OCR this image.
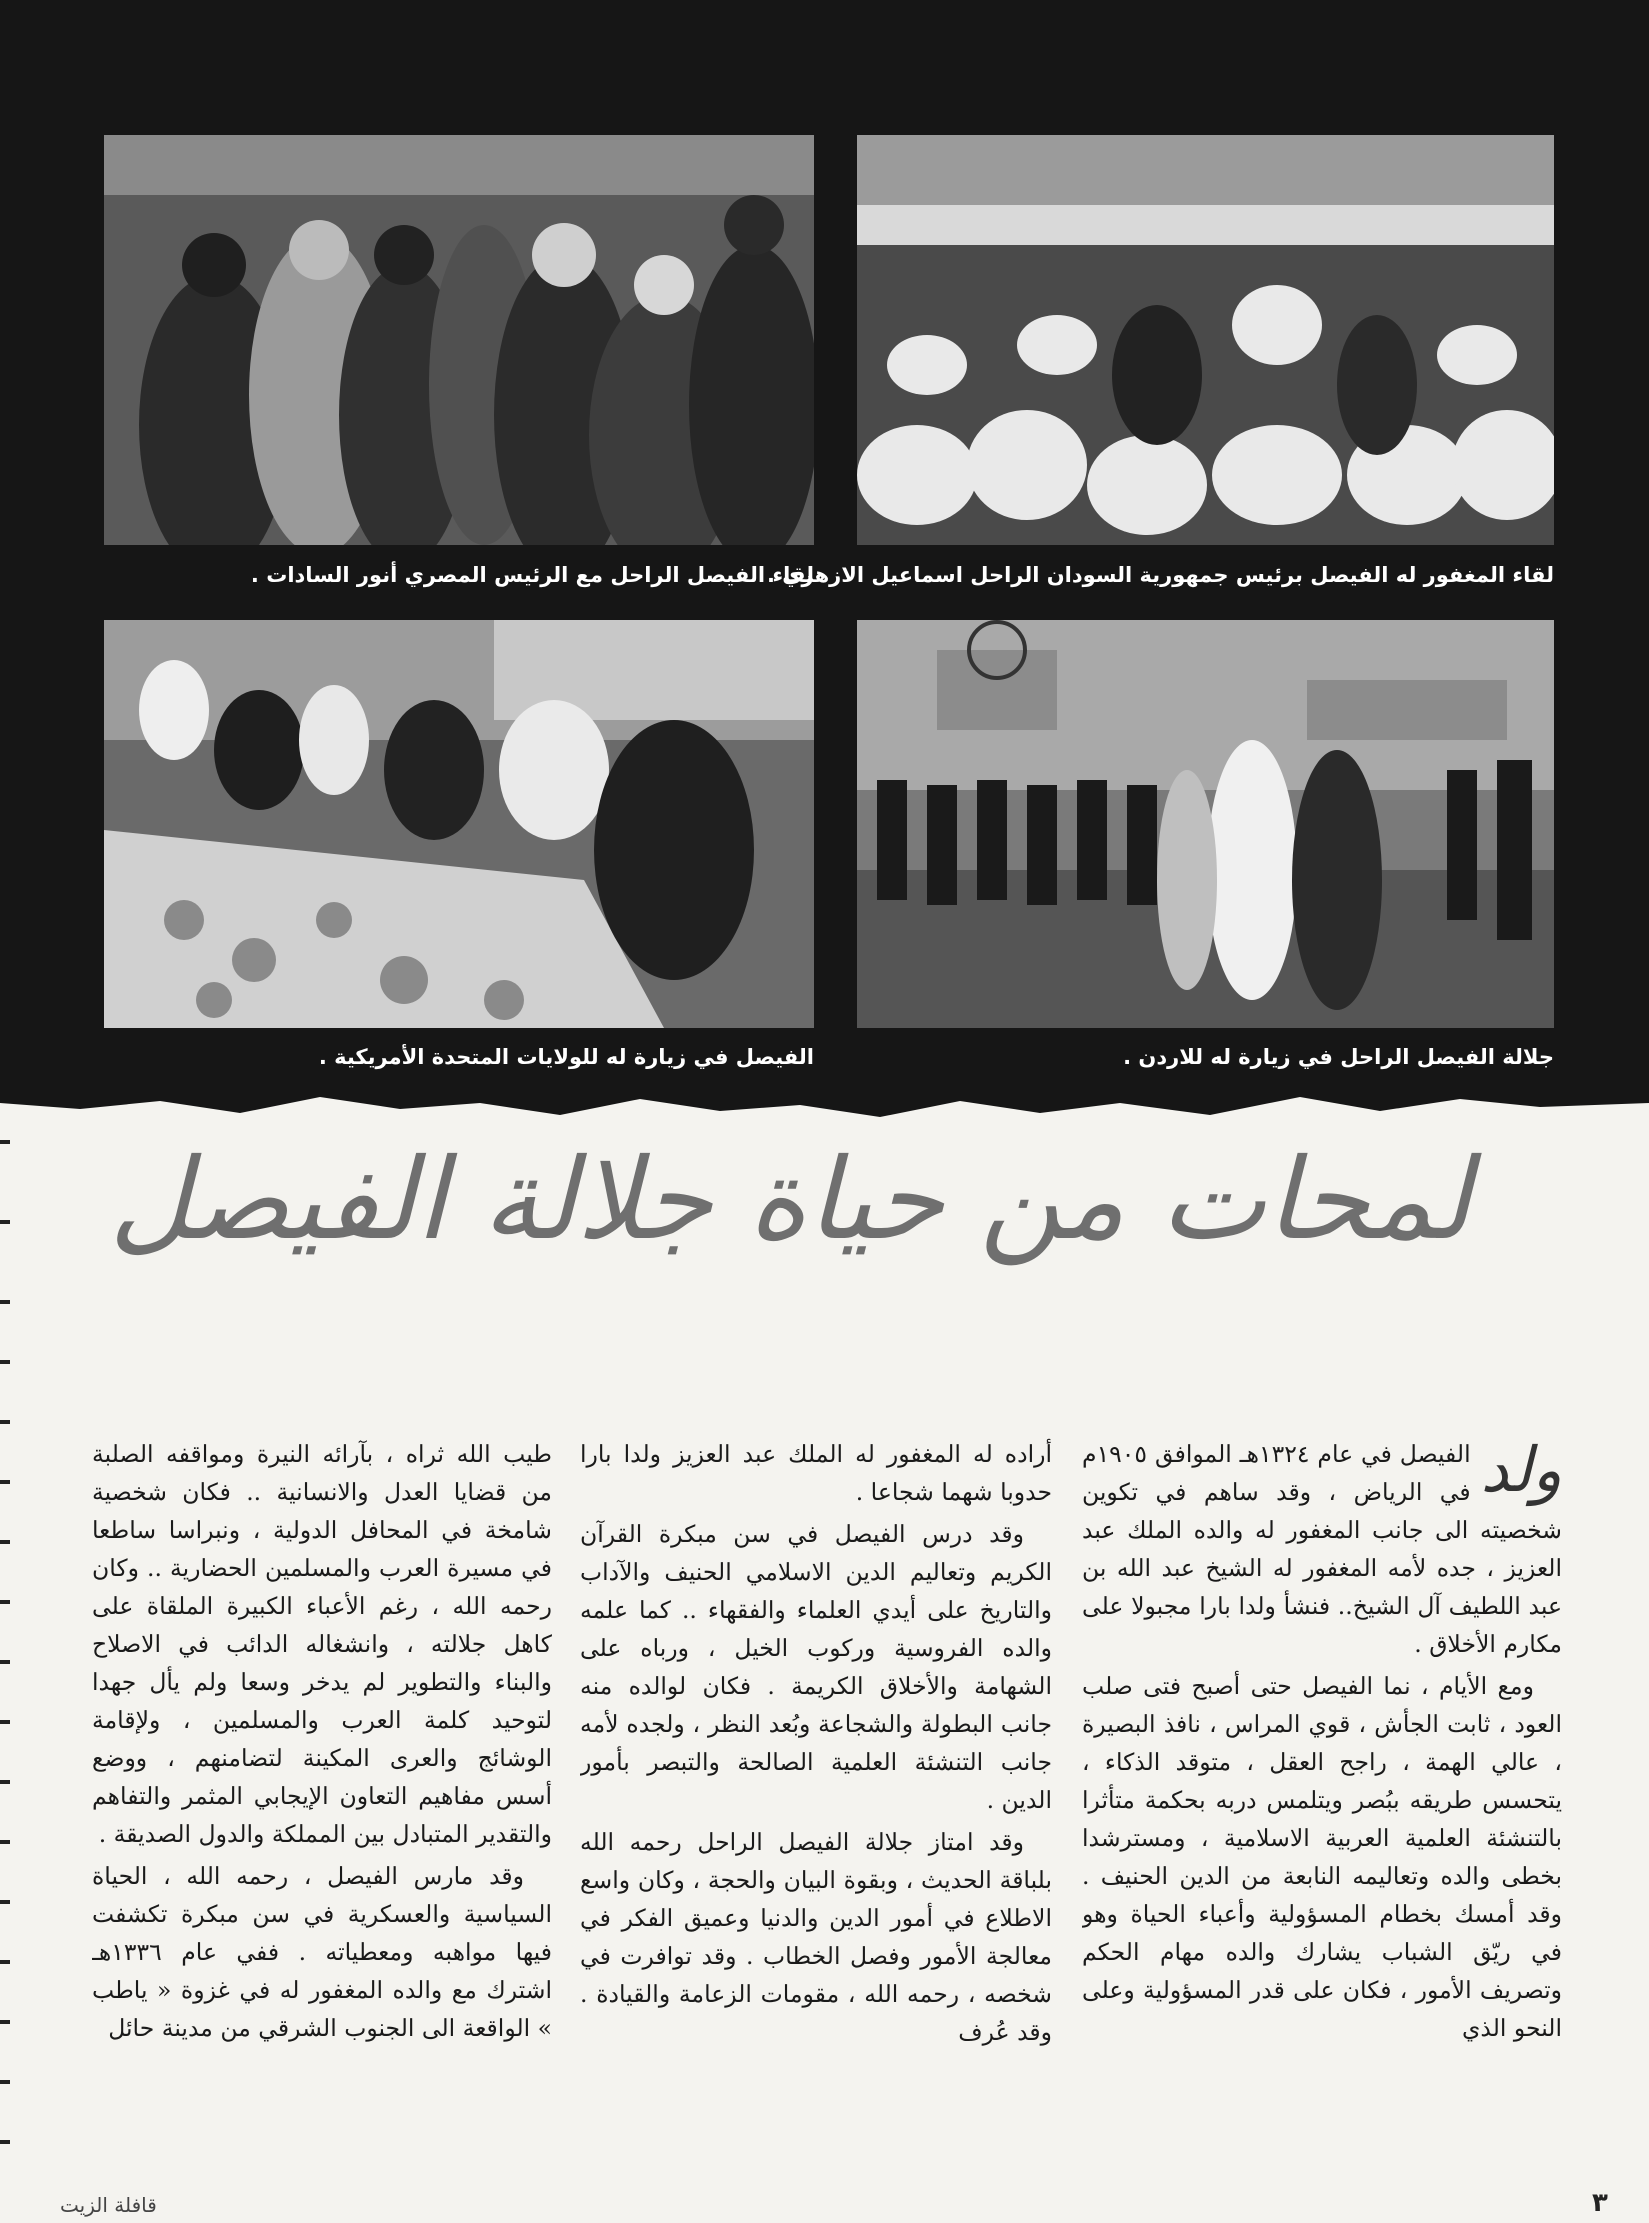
لقاء الفيصل الراحل مع الرئيس المصري أنور السادات .
لقاء المغفور له الفيصل برئيس جمهورية السودان الراحل اسماعيل الازهري .
الفيصل في زيارة له للولايات المتحدة الأمريكية .	جلالة الفيصل الراحل في زيارة له للاردن .
لمحات من حياة جلالة الفيصل
ولد

الفيصل في عام ١٣٢٤هـ الموافق ١٩٠٥م في الرياض ، وقد ساهم في تكوين شخصيته الى جانب المغفور له والده الملك عبد العزيز ، جده لأمه المغفور له الشيخ عبد الله بن عبد اللطيف آل الشيخ.. فنشأ ولدا بارا مجبولا على مكارم الأخلاق .

ومع الأيام ، نما الفيصل حتى أصبح فتى صلب العود ، ثابت الجأش ، قوي المراس ، نافذ البصيرة ، عالي الهمة ، راجح العقل ، متوقد الذكاء ، يتحسس طريقه ببُصر ويتلمس دربه بحكمة متأثرا بالتنشئة العلمية العربية الاسلامية ، ومسترشدا بخطى والده وتعاليمه النابعة من الدين الحنيف . وقد أمسك بخطام المسؤولية وأعباء الحياة وهو في ريّق الشباب يشارك والده مهام الحكم وتصريف الأمور ، فكان على قدر المسؤولية وعلى النحو الذي

أراده له المغفور له الملك عبد العزيز ولدا بارا حدوبا شهما شجاعا .

وقد درس الفيصل في سن مبكرة القرآن الكريم وتعاليم الدين الاسلامي الحنيف والآداب والتاريخ على أيدي العلماء والفقهاء .. كما علمه والده الفروسية وركوب الخيل ، ورباه على الشهامة والأخلاق الكريمة . فكان لوالده منه جانب البطولة والشجاعة وبُعد النظر ، ولجده لأمه جانب التنشئة العلمية الصالحة والتبصر بأمور الدين .

وقد امتاز جلالة الفيصل الراحل رحمه الله بلباقة الحديث ، وبقوة البيان والحجة ، وكان واسع الاطلاع في أمور الدين والدنيا وعميق الفكر في معالجة الأمور وفصل الخطاب . وقد توافرت في شخصه ، رحمه الله ، مقومات الزعامة والقيادة . وقد عُرف

طيب الله ثراه ، بآرائه النيرة ومواقفه الصلبة من قضايا العدل والانسانية .. فكان شخصية شامخة في المحافل الدولية ، ونبراسا ساطعا في مسيرة العرب والمسلمين الحضارية .. وكان رحمه الله ، رغم الأعباء الكبيرة الملقاة على كاهل جلالته ، وانشغاله الدائب في الاصلاح والبناء والتطوير لم يدخر وسعا ولم يأل جهدا لتوحيد كلمة العرب والمسلمين ، ولإقامة الوشائج والعرى المكينة لتضامنهم ، ووضع أسس مفاهيم التعاون الإيجابي المثمر والتفاهم والتقدير المتبادل بين المملكة والدول الصديقة .

وقد مارس الفيصل ، رحمه الله ، الحياة السياسية والعسكرية في سن مبكرة تكشفت فيها مواهبه ومعطياته . ففي عام ١٣٣٦هـ اشترك مع والده المغفور له في غزوة « ياطب » الواقعة الى الجنوب الشرقي من مدينة حائل

قافلة الزيت	٣
